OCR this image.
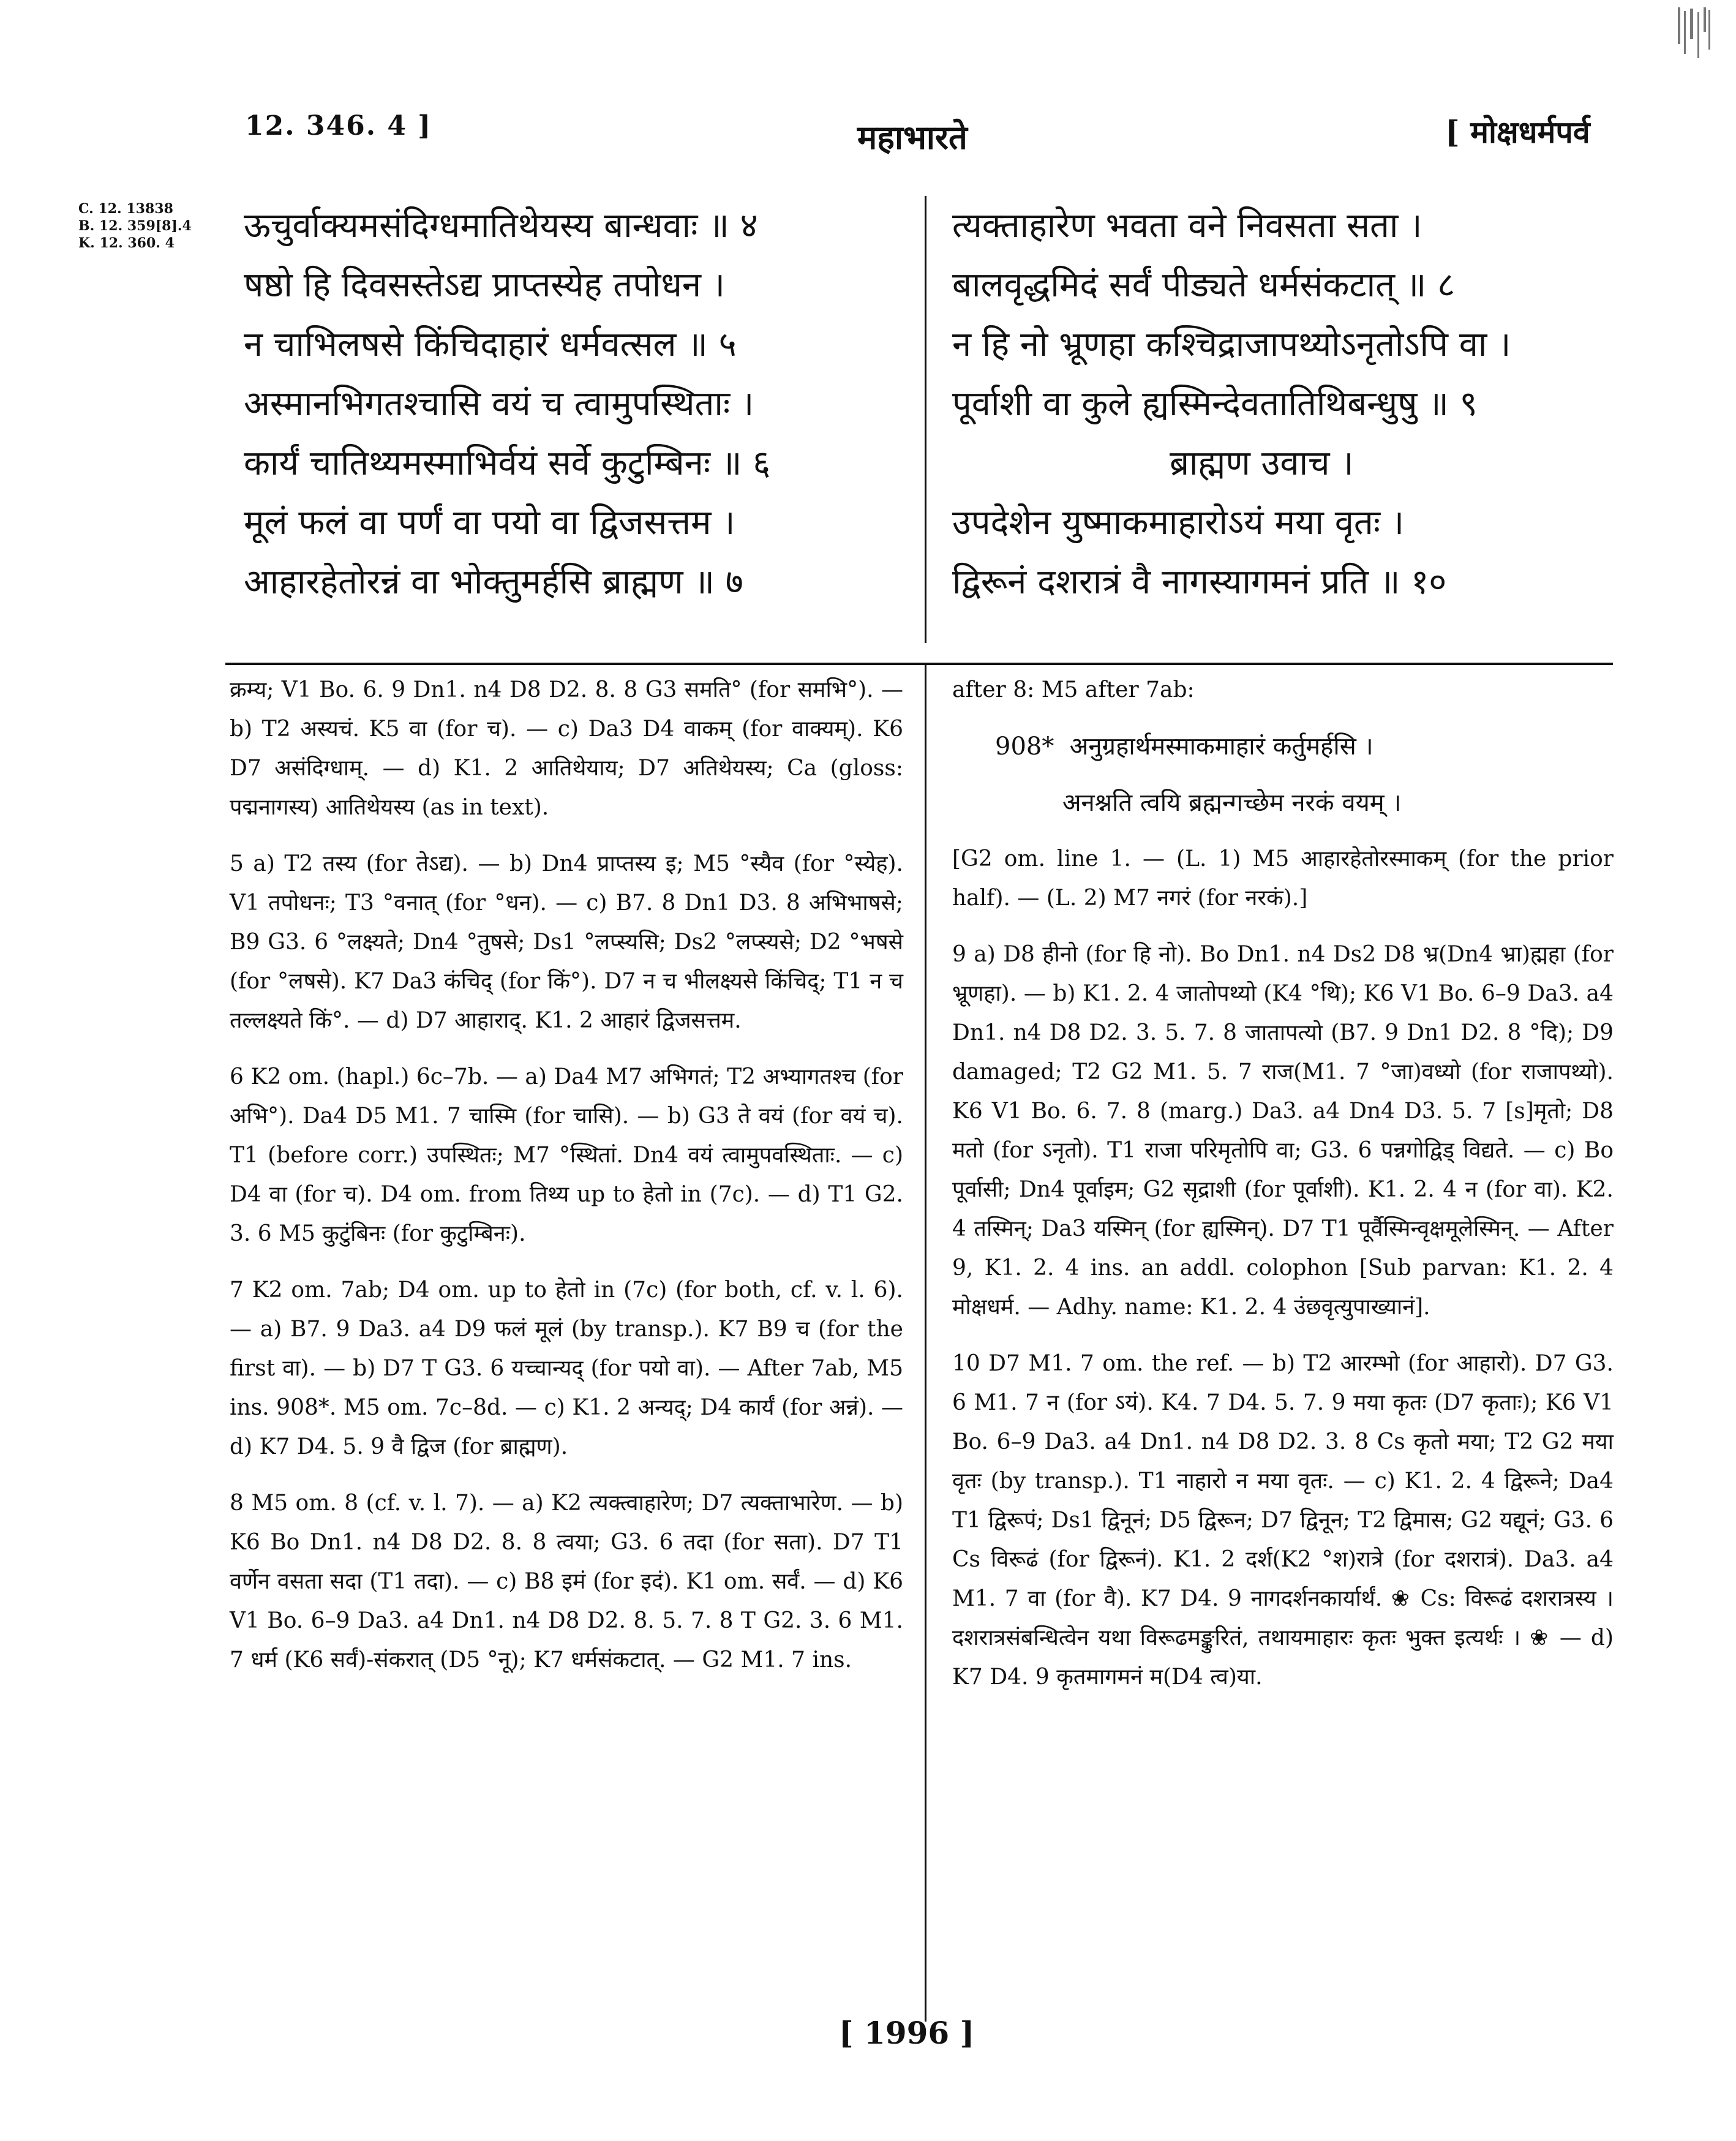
12. 346. 4 ]	महाभारते	[ मोक्षधर्मपर्व
C. 12. 13838
B. 12. 359[8].4
K. 12. 360. 4	ऊचुर्वाक्यमसंदिग्धमातिथेयस्य बान्धवाः ॥ ४
षष्ठो हि दिवसस्तेऽद्य प्राप्तस्येह तपोधन ।
न चाभिलषसे किंचिदाहारं धर्मवत्सल ॥ ५
अस्मानभिगतश्चासि वयं च त्वामुपस्थिताः ।
कार्यं चातिथ्यमस्माभिर्वयं सर्वे कुटुम्बिनः ॥ ६
मूलं फलं वा पर्णं वा पयो वा द्विजसत्तम ।
आहारहेतोरन्नं वा भोक्तुमर्हसि ब्राह्मण ॥ ७
त्यक्ताहारेण भवता वने निवसता सता ।
बालवृद्धमिदं सर्वं पीड्यते धर्मसंकटात् ॥ ८
न हि नो भ्रूणहा कश्चिद्राजापथ्योऽनृतोऽपि वा ।
पूर्वाशी वा कुले ह्यस्मिन्देवतातिथिबन्धुषु ॥ ९
ब्राह्मण उवाच ।
उपदेशेन युष्माकमाहारोऽयं मया वृतः ।
द्विरूनं दशरात्रं वै नागस्यागमनं प्रति ॥ १०

क्रम्य; V1 Bo. 6. 9 Dn1. n4 D8 D2. 8. 8 G3 समति° (for समभि°). — b) T2 अस्यचं. K5 वा (for च). — c) Da3 D4 वाकम् (for वाक्यम्). K6 D7 असंदिग्धाम्. — d) K1. 2 आतिथेयाय; D7 अतिथेयस्य; Ca (gloss: पद्मनागस्य) आतिथेयस्य (as in text).

5 a) T2 तस्य (for तेऽद्य). — b) Dn4 प्राप्तस्य इ; M5 °स्यैव (for °स्येह). V1 तपोधनः; T3 °वनात् (for °धन). — c) B7. 8 Dn1 D3. 8 अभिभाषसे; B9 G3. 6 °लक्ष्यते; Dn4 °तुषसे; Ds1 °लप्स्यसि; Ds2 °लप्स्यसे; D2 °भषसे (for °लषसे). K7 Da3 कंचिद् (for किं°). D7 न च भीलक्ष्यसे किंचिद्; T1 न च तल्लक्ष्यते किं°. — d) D7 आहाराद्. K1. 2 आहारं द्विजसत्तम.

6 K2 om. (hapl.) 6c–7b. — a) Da4 M7 अभिगतं; T2 अभ्यागतश्च (for अभि°). Da4 D5 M1. 7 चास्मि (for चासि). — b) G3 ते वयं (for वयं च). T1 (before corr.) उपस्थितः; M7 °स्थितां. Dn4 वयं त्वामुपवस्थिताः. — c) D4 वा (for च). D4 om. from तिथ्य up to हेतो in (7c). — d) T1 G2. 3. 6 M5 कुटुंबिनः (for कुटुम्बिनः).

7 K2 om. 7ab; D4 om. up to हेतो in (7c) (for both, cf. v. l. 6). — a) B7. 9 Da3. a4 D9 फलं मूलं (by transp.). K7 B9 च (for the first वा). — b) D7 T G3. 6 यच्चान्यद् (for पयो वा). — After 7ab, M5 ins. 908*. M5 om. 7c–8d. — c) K1. 2 अन्यद्; D4 कार्यं (for अन्नं). — d) K7 D4. 5. 9 वै द्विज (for ब्राह्मण).

8 M5 om. 8 (cf. v. l. 7). — a) K2 त्यक्त्वाहारेण; D7 त्यक्ताभारेण. — b) K6 Bo Dn1. n4 D8 D2. 8. 8 त्वया; G3. 6 तदा (for सता). D7 T1 वर्णेन वसता सदा (T1 तदा). — c) B8 इमं (for इदं). K1 om. सर्वं. — d) K6 V1 Bo. 6–9 Da3. a4 Dn1. n4 D8 D2. 8. 5. 7. 8 T G2. 3. 6 M1. 7 धर्म (K6 सर्वं)-संकरात् (D5 °नू); K7 धर्मसंकटात्. — G2 M1. 7 ins.

after 8: M5 after 7ab:

908* अनुग्रहार्थमस्माकमाहारं कर्तुमर्हसि ।

अनश्नति त्वयि ब्रह्मन्गच्छेम नरकं वयम् ।

[G2 om. line 1. — (L. 1) M5 आहारहेतोरस्माकम् (for the prior half). — (L. 2) M7 नगरं (for नरकं).]

9 a) D8 हीनो (for हि नो). Bo Dn1. n4 Ds2 D8 भ्र(Dn4 भ्रा)ह्महा (for भ्रूणहा). — b) K1. 2. 4 जातोपथ्यो (K4 °थि); K6 V1 Bo. 6–9 Da3. a4 Dn1. n4 D8 D2. 3. 5. 7. 8 जातापत्यो (B7. 9 Dn1 D2. 8 °दि); D9 damaged; T2 G2 M1. 5. 7 राज(M1. 7 °जा)वध्यो (for राजापथ्यो). K6 V1 Bo. 6. 7. 8 (marg.) Da3. a4 Dn4 D3. 5. 7 [s]मृतो; D8 मतो (for ऽनृतो). T1 राजा परिमृतोपि वा; G3. 6 पन्नगोद्विड् विद्यते. — c) Bo पूर्वासी; Dn4 पूर्वाइम; G2 सृद्राशी (for पूर्वाशी). K1. 2. 4 न (for वा). K2. 4 तस्मिन्; Da3 यस्मिन् (for ह्यस्मिन्). D7 T1 पूर्वैस्मिन्वृक्षमूलेस्मिन्. — After 9, K1. 2. 4 ins. an addl. colophon [Sub parvan: K1. 2. 4 मोक्षधर्म. — Adhy. name: K1. 2. 4 उंछवृत्युपाख्यानं].

10 D7 M1. 7 om. the ref. — b) T2 आरम्भो (for आहारो). D7 G3. 6 M1. 7 न (for ऽयं). K4. 7 D4. 5. 7. 9 मया कृतः (D7 कृताः); K6 V1 Bo. 6–9 Da3. a4 Dn1. n4 D8 D2. 3. 8 Cs कृतो मया; T2 G2 मया वृतः (by transp.). T1 नाहारो न मया वृतः. — c) K1. 2. 4 द्विरूने; Da4 T1 द्विरूपं; Ds1 द्विनूनं; D5 द्विरून; D7 द्विनून; T2 द्विमास; G2 यद्यूनं; G3. 6 Cs विरूढं (for द्विरूनं). K1. 2 दर्श(K2 °श)रात्रे (for दशरात्रं). Da3. a4 M1. 7 वा (for वै). K7 D4. 9 नागदर्शनकार्यार्थं. ❀ Cs: विरूढं दशरात्रस्य । दशरात्रसंबन्धित्वेन यथा विरूढमङ्कुरितं, तथायमाहारः कृतः भुक्त इत्यर्थः । ❀ — d) K7 D4. 9 कृतमागमनं म(D4 त्व)या.

[ 1996 ]
